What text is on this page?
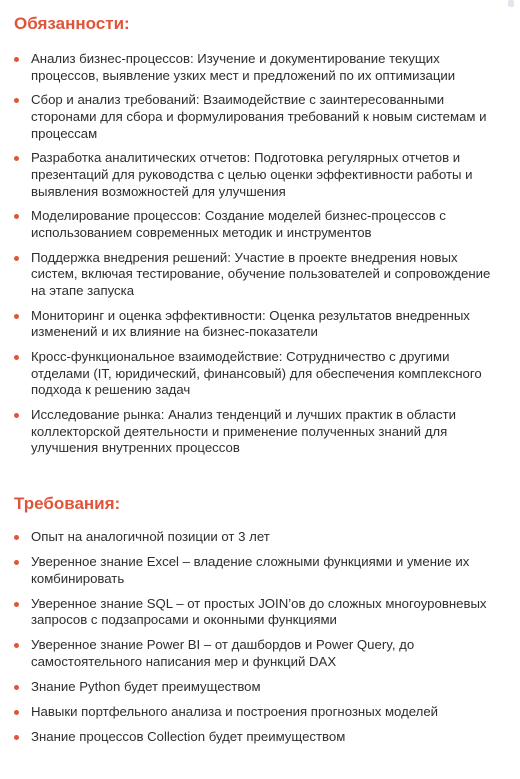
Обязанности:
Анализ бизнес-процессов: Изучение и документирование текущих процессов, выявление узких мест и предложений по их оптимизации
Сбор и анализ требований: Взаимодействие с заинтересованными сторонами для сбора и формулирования требований к новым системам и процессам
Разработка аналитических отчетов: Подготовка регулярных отчетов и презентаций для руководства с целью оценки эффективности работы и выявления возможностей для улучшения
Моделирование процессов: Создание моделей бизнес-процессов с использованием современных методик и инструментов
Поддержка внедрения решений: Участие в проекте внедрения новых систем, включая тестирование, обучение пользователей и сопровождение на этапе запуска
Мониторинг и оценка эффективности: Оценка результатов внедренных изменений и их влияние на бизнес-показатели
Кросс-функциональное взаимодействие: Сотрудничество с другими отделами (IT, юридический, финансовый) для обеспечения комплексного подхода к решению задач
Исследование рынка: Анализ тенденций и лучших практик в области коллекторской деятельности и применение полученных знаний для улучшения внутренних процессов
Требования:
Опыт на аналогичной позиции от 3 лет
Уверенное знание Excel – владение сложными функциями и умение их комбинировать
Уверенное знание SQL – от простых JOIN’ов до сложных многоуровневых запросов с подзапросами и оконными функциями
Уверенное знание Power BI – от дашбордов и Power Query, до самостоятельного написания мер и функций DAX
Знание Python будет преимуществом
Навыки портфельного анализа и построения прогнозных моделей
Знание процессов Collection будет преимуществом
